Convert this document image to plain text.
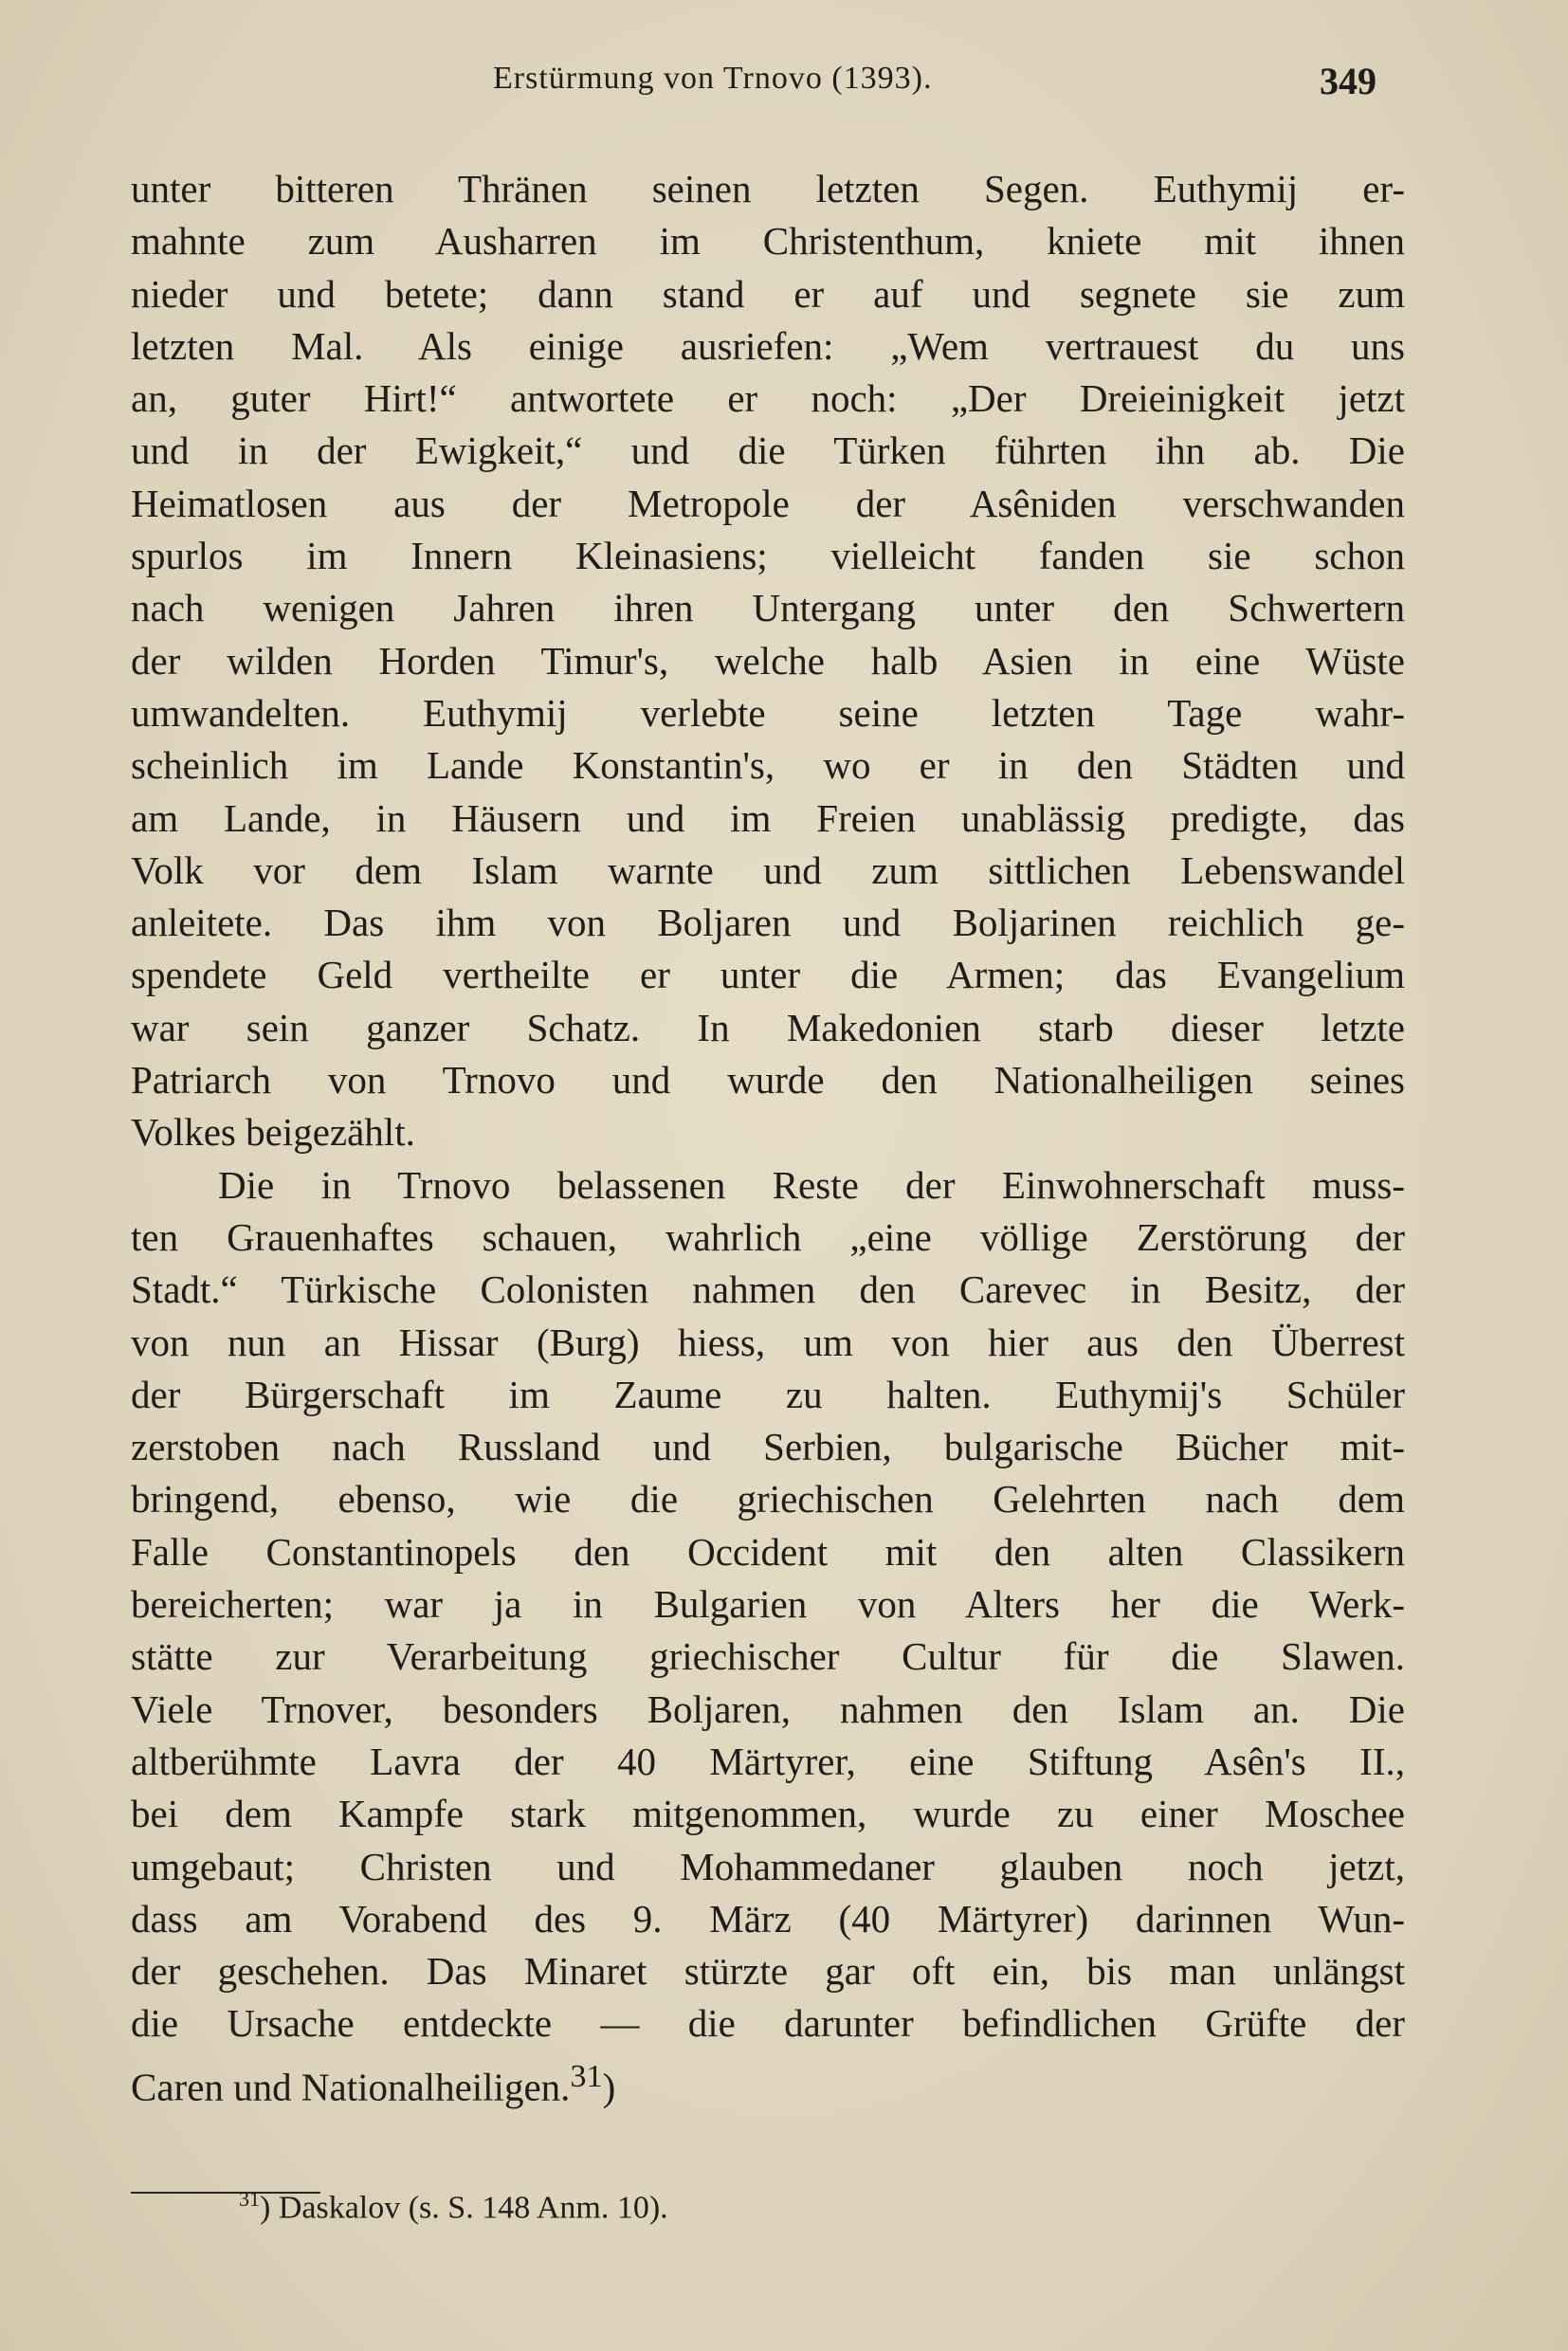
Erstürmung von Trnovo (1393).	349
unter bitteren Thränen seinen letzten Segen. Euthymij er-
mahnte zum Ausharren im Christenthum, kniete mit ihnen
nieder und betete; dann stand er auf und segnete sie zum
letzten Mal. Als einige ausriefen: „Wem vertrauest du uns
an, guter Hirt!“ antwortete er noch: „Der Dreieinigkeit jetzt
und in der Ewigkeit,“ und die Türken führten ihn ab. Die
Heimatlosen aus der Metropole der Asêniden verschwanden
spurlos im Innern Kleinasiens; vielleicht fanden sie schon
nach wenigen Jahren ihren Untergang unter den Schwertern
der wilden Horden Timur's, welche halb Asien in eine Wüste
umwandelten. Euthymij verlebte seine letzten Tage wahr-
scheinlich im Lande Konstantin's, wo er in den Städten und
am Lande, in Häusern und im Freien unablässig predigte, das
Volk vor dem Islam warnte und zum sittlichen Lebenswandel
anleitete. Das ihm von Boljaren und Boljarinen reichlich ge-
spendete Geld vertheilte er unter die Armen; das Evangelium
war sein ganzer Schatz. In Makedonien starb dieser letzte
Patriarch von Trnovo und wurde den Nationalheiligen seines
Volkes beigezählt.
Die in Trnovo belassenen Reste der Einwohnerschaft muss-
ten Grauenhaftes schauen, wahrlich „eine völlige Zerstörung der
Stadt.“ Türkische Colonisten nahmen den Carevec in Besitz, der
von nun an Hissar (Burg) hiess, um von hier aus den Überrest
der Bürgerschaft im Zaume zu halten. Euthymij's Schüler
zerstoben nach Russland und Serbien, bulgarische Bücher mit-
bringend, ebenso, wie die griechischen Gelehrten nach dem
Falle Constantinopels den Occident mit den alten Classikern
bereicherten; war ja in Bulgarien von Alters her die Werk-
stätte zur Verarbeitung griechischer Cultur für die Slawen.
Viele Trnover, besonders Boljaren, nahmen den Islam an. Die
altberühmte Lavra der 40 Märtyrer, eine Stiftung Asên's II.,
bei dem Kampfe stark mitgenommen, wurde zu einer Moschee
umgebaut; Christen und Mohammedaner glauben noch jetzt,
dass am Vorabend des 9. März (40 Märtyrer) darinnen Wun-
der geschehen. Das Minaret stürzte gar oft ein, bis man unlängst
die Ursache entdeckte — die darunter befindlichen Grüfte der
Caren und Nationalheiligen.$^{31}$)
$^{31}$) Daskalov (s. S. 148 Anm. 10).
